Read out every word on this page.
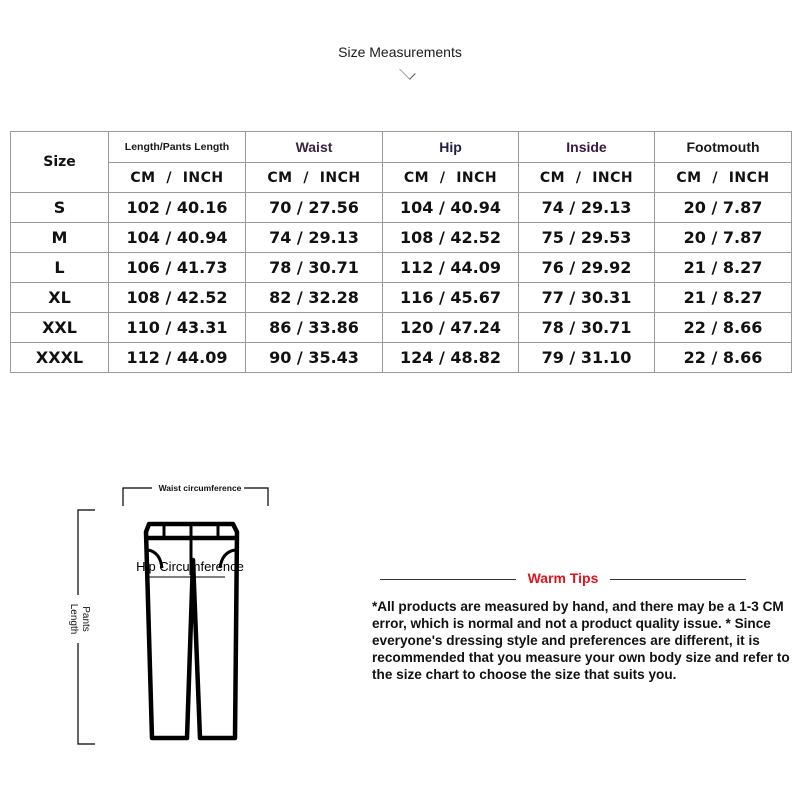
Size Measurements
Size	Length/Pants Length	Waist	Hip	Inside	Footmouth
	CM  /  INCH	CM  /  INCH	CM  /  INCH	CM  /  INCH	CM  /  INCH
S	102 / 40.16	70 / 27.56	104 / 40.94	74 / 29.13	20 / 7.87
M	104 / 40.94	74 / 29.13	108 / 42.52	75 / 29.53	20 / 7.87
L	106 / 41.73	78 / 30.71	112 / 44.09	76 / 29.92	21 / 8.27
XL	108 / 42.52	82 / 32.28	116 / 45.67	77 / 30.31	21 / 8.27
XXL	110 / 43.31	86 / 33.86	120 / 47.24	78 / 30.71	22 / 8.66
XXXL	112 / 44.09	90 / 35.43	124 / 48.82	79 / 31.10	22 / 8.66
Waist circumference
Pants
Length
Hip Circumference
Warm Tips
*All products are measured by hand, and there may be a 1-3 CM error, which is normal and not a product quality issue. * Since everyone's dressing style and preferences are different, it is recommended that you measure your own body size and refer to the size chart to choose the size that suits you.
